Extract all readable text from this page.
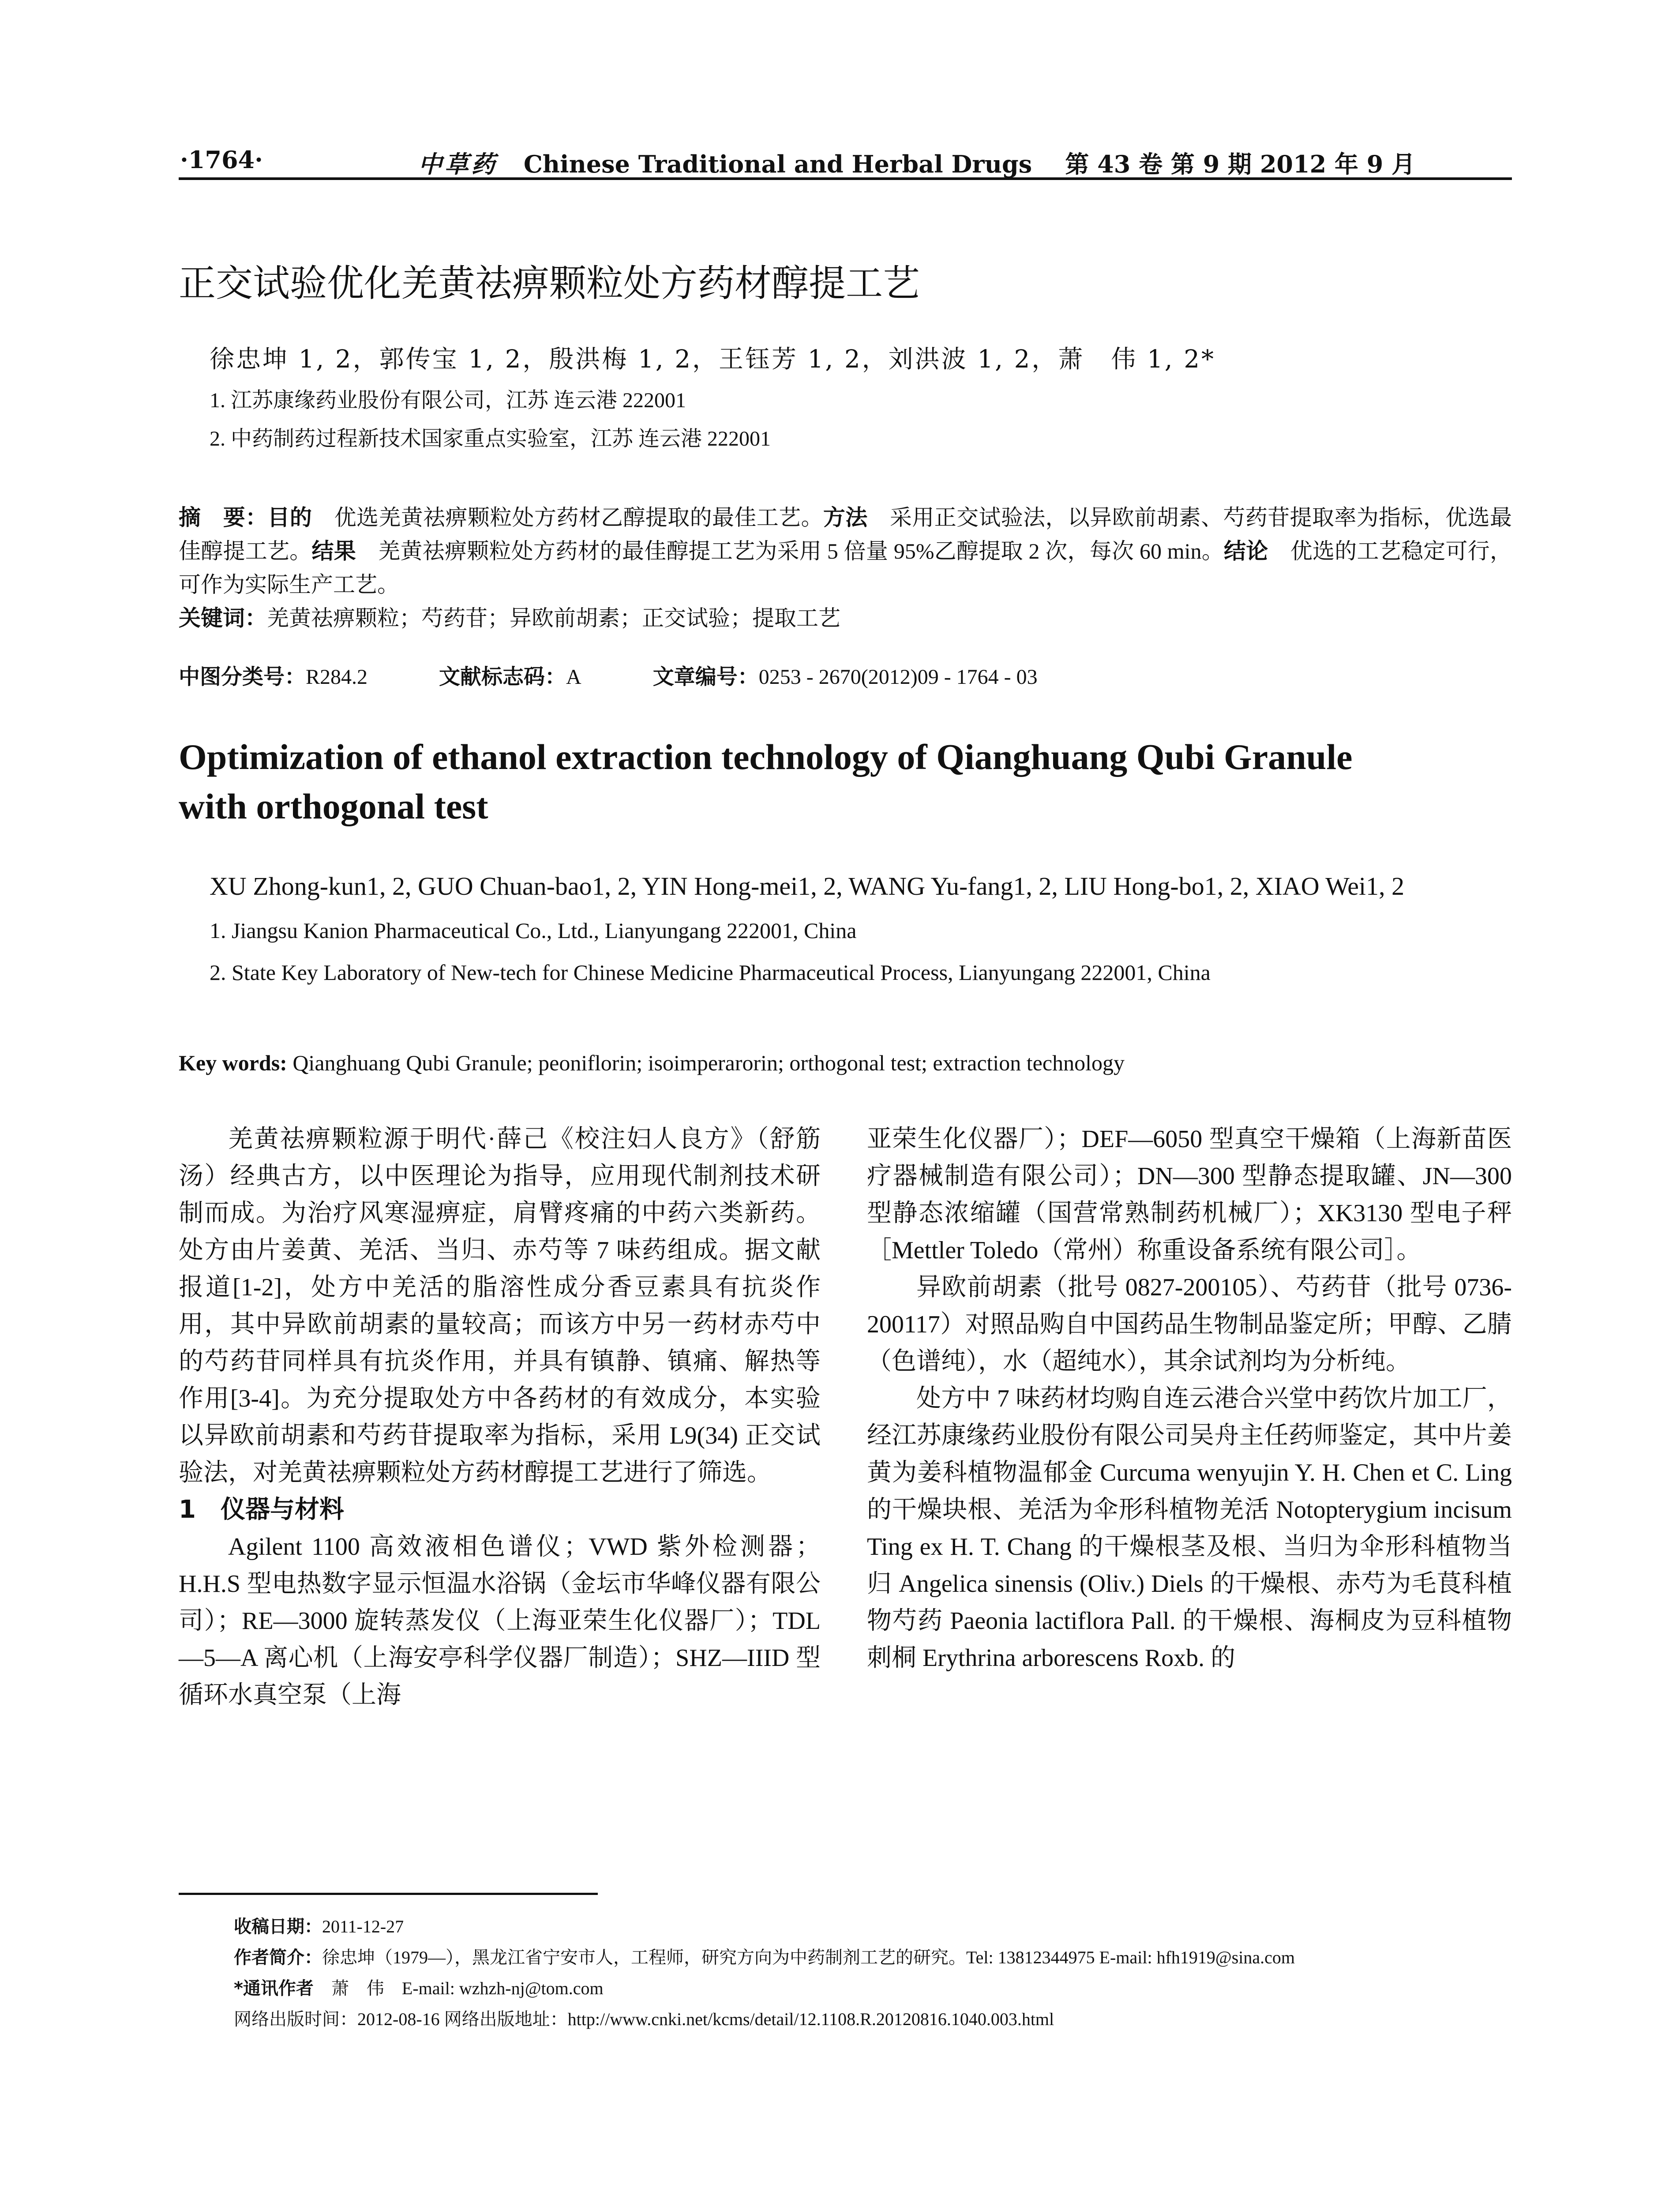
·1764·	中草药 Chinese Traditional and Herbal Drugs 第 43 卷 第 9 期 2012 年 9 月
正交试验优化羌黄祛痹颗粒处方药材醇提工艺
徐忠坤 1, 2，郭传宝 1, 2，殷洪梅 1, 2，王钰芳 1, 2，刘洪波 1, 2，萧　伟 1, 2*
1. 江苏康缘药业股份有限公司，江苏 连云港 222001
2. 中药制药过程新技术国家重点实验室，江苏 连云港 222001

摘　要：目的　优选羌黄祛痹颗粒处方药材乙醇提取的最佳工艺。方法　采用正交试验法，以异欧前胡素、芍药苷提取率为指标，优选最佳醇提工艺。结果　羌黄祛痹颗粒处方药材的最佳醇提工艺为采用 5 倍量 95%乙醇提取 2 次，每次 60 min。结论　优选的工艺稳定可行，可作为实际生产工艺。

关键词：羌黄祛痹颗粒；芍药苷；异欧前胡素；正交试验；提取工艺

中图分类号：R284.2	文献标志码：A	文章编号：0253 - 2670(2012)09 - 1764 - 03
Optimization of ethanol extraction technology of Qianghuang Qubi Granule
with orthogonal test
XU Zhong-kun1, 2, GUO Chuan-bao1, 2, YIN Hong-mei1, 2, WANG Yu-fang1, 2, LIU Hong-bo1, 2, XIAO Wei1, 2
1. Jiangsu Kanion Pharmaceutical Co., Ltd., Lianyungang 222001, China
2. State Key Laboratory of New-tech for Chinese Medicine Pharmaceutical Process, Lianyungang 222001, China
Key words: Qianghuang Qubi Granule; peoniflorin; isoimperarorin; orthogonal test; extraction technology

羌黄祛痹颗粒源于明代·薛己《校注妇人良方》（舒筋汤）经典古方，以中医理论为指导，应用现代制剂技术研制而成。为治疗风寒湿痹症，肩臂疼痛的中药六类新药。处方由片姜黄、羌活、当归、赤芍等 7 味药组成。据文献报道[1-2]，处方中羌活的脂溶性成分香豆素具有抗炎作用，其中异欧前胡素的量较高；而该方中另一药材赤芍中的芍药苷同样具有抗炎作用，并具有镇静、镇痛、解热等作用[3-4]。为充分提取处方中各药材的有效成分，本实验以异欧前胡素和芍药苷提取率为指标，采用 L9(34) 正交试验法，对羌黄祛痹颗粒处方药材醇提工艺进行了筛选。

1　仪器与材料

Agilent 1100 高效液相色谱仪；VWD 紫外检测器；H.H.S 型电热数字显示恒温水浴锅（金坛市华峰仪器有限公司）；RE—3000 旋转蒸发仪（上海亚荣生化仪器厂）；TDL—5—A 离心机（上海安亭科学仪器厂制造）；SHZ—IIID 型循环水真空泵（上海

亚荣生化仪器厂）；DEF—6050 型真空干燥箱（上海新苗医疗器械制造有限公司）；DN—300 型静态提取罐、JN—300 型静态浓缩罐（国营常熟制药机械厂）；XK3130 型电子秤［Mettler Toledo（常州）称重设备系统有限公司］。

异欧前胡素（批号 0827-200105）、芍药苷（批号 0736-200117）对照品购自中国药品生物制品鉴定所；甲醇、乙腈（色谱纯），水（超纯水），其余试剂均为分析纯。

处方中 7 味药材均购自连云港合兴堂中药饮片加工厂，经江苏康缘药业股份有限公司吴舟主任药师鉴定，其中片姜黄为姜科植物温郁金 Curcuma wenyujin Y. H. Chen et C. Ling 的干燥块根、羌活为伞形科植物羌活 Notopterygium incisum Ting ex H. T. Chang 的干燥根茎及根、当归为伞形科植物当归 Angelica sinensis (Oliv.) Diels 的干燥根、赤芍为毛茛科植物芍药 Paeonia lactiflora Pall. 的干燥根、海桐皮为豆科植物刺桐 Erythrina arborescens Roxb. 的

收稿日期：2011-12-27
作者简介：徐忠坤（1979—），黑龙江省宁安市人，工程师，研究方向为中药制剂工艺的研究。Tel: 13812344975 E-mail: hfh1919@sina.com
*通讯作者　萧　伟　E-mail: wzhzh-nj@tom.com
网络出版时间：2012-08-16 网络出版地址：http://www.cnki.net/kcms/detail/12.1108.R.20120816.1040.003.html
